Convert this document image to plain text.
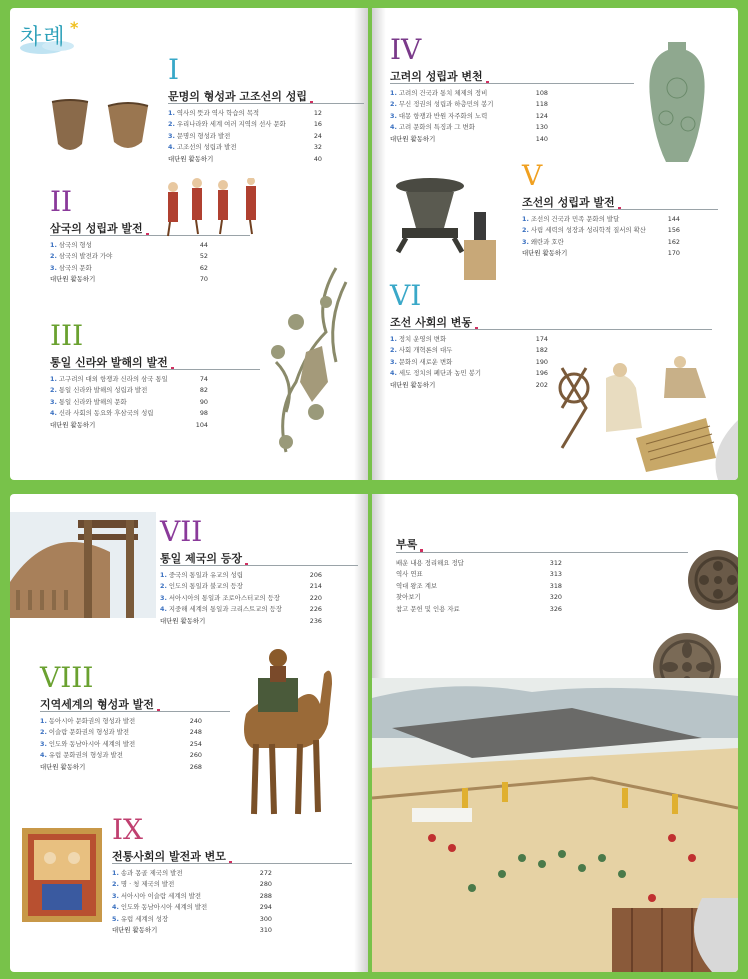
차례 *
I
문명의 형성과 고조선의 성립
1. 역사의 뜻과 역사 학습의 목적	12
2. 우리나라와 세계 여러 지역의 선사 문화	16
3. 문명의 형성과 발전	24
4. 고조선의 성립과 발전	32
대단원 활동하기	40
II
삼국의 성립과 발전
1. 삼국의 형성	44
2. 삼국의 발전과 가야	52
3. 삼국의 문화	62
대단원 활동하기	70
III
통일 신라와 발해의 발전
1. 고구려의 대외 항쟁과 신라의 삼국 통일	74
2. 통일 신라와 발해의 성립과 발전	82
3. 통일 신라와 발해의 문화	90
4. 신라 사회의 동요와 후삼국의 성립	98
대단원 활동하기	104
IV
고려의 성립과 변천
1. 고려의 건국과 통치 체제의 정비	108
2. 무신 정권의 성립과 하층민의 봉기	118
3. 대몽 항쟁과 반원 자주화의 노력	124
4. 고려 문화의 특징과 그 변화	130
대단원 활동하기	140
V
조선의 성립과 발전
1. 조선의 건국과 민족 문화의 발달	144
2. 사림 세력의 성장과 성리학적 질서의 확산	156
3. 왜란과 호란	162
대단원 활동하기	170
VI
조선 사회의 변동
1. 정치 운영의 변화	174
2. 사회 개혁론의 대두	182
3. 문화의 새로운 변화	190
4. 세도 정치의 폐단과 농민 봉기	196
대단원 활동하기	202
VII
통일 제국의 등장
1. 중국의 통일과 유교의 성립	206
2. 인도의 통일과 불교의 등장	214
3. 서아시아의 통일과 조로아스터교의 등장	220
4. 지중해 세계의 통일과 크리스트교의 등장	226
대단원 활동하기	236
VIII
지역세계의 형성과 발전
1. 동아시아 문화권의 형성과 발전	240
2. 이슬람 문화권의 형성과 발전	248
3. 인도와 동남아시아 세계의 발전	254
4. 유럽 문화권의 형성과 발전	260
대단원 활동하기	268
IX
전통사회의 발전과 변모
1. 송과 몽골 제국의 발전	272
2. 명 · 청 제국의 발전	280
3. 서아시아 이슬람 세계의 발전	288
4. 인도와 동남아시아 세계의 발전	294
5. 유럽 세계의 성장	300
대단원 활동하기	310
부록
배운 내용 정리해요 정답	312
역사 연표	313
역대 왕조 계보	318
찾아보기	320
참고 문헌 및 인용 자료	326
